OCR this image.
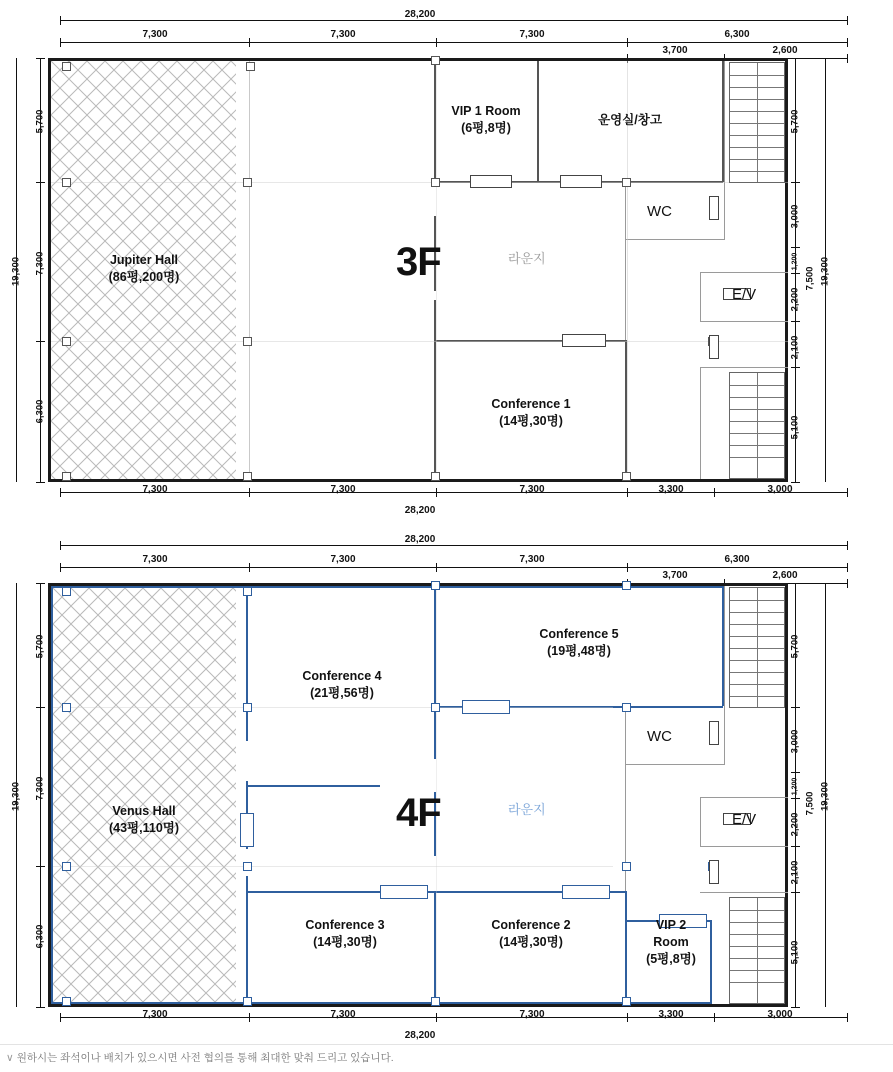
28,200
7,300	7,300	7,300	6,300
3,700	2,600
19,300
5,700
7,300
6,300
5,700
3,000
1,200
2,200
2,100
5,100
19,300
7,500
Jupiter Hall
(86평,200명)
VIP 1 Room
(6평,8명)
운영실/창고
Conference 1
(14평,30명)
3F	라운지
WC
E/V
7,300	7,300	7,300	3,300	3,000
28,200
28,200
7,300	7,300	7,300	6,300
3,700	2,600
19,300
5,700
7,300
6,300
5,700
3,000
1,200
2,200
2,100
5,100
19,300
7,500
Venus Hall
(43평,110명)
Conference 4
(21평,56명)
Conference 5
(19평,48명)
Conference 3
(14평,30명)
Conference 2
(14평,30명)
VIP 2
Room
(5평,8명)
4F	라운지
WC
E/V
7,300	7,300	7,300	3,300	3,000
28,200
∨ 원하시는 좌석이나 배치가 있으시면 사전 협의를 통해 최대한 맞춰 드리고 있습니다.
